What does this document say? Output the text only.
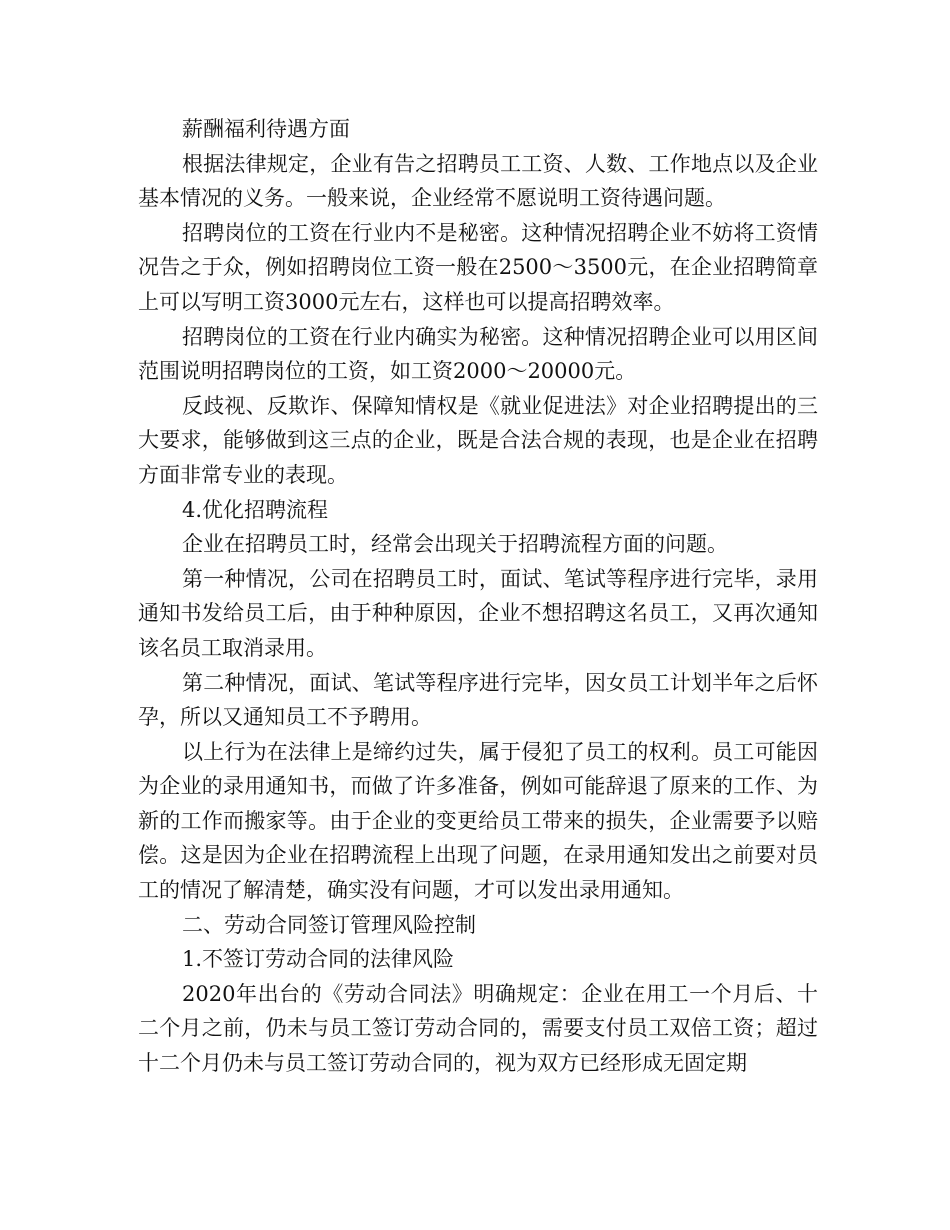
薪酬福利待遇方面

根据法律规定，企业有告之招聘员工工资、人数、工作地点以及企业基本情况的义务。一般来说，企业经常不愿说明工资待遇问题。

招聘岗位的工资在行业内不是秘密。这种情况招聘企业不妨将工资情况告之于众，例如招聘岗位工资一般在2500～3500元，在企业招聘简章上可以写明工资3000元左右，这样也可以提高招聘效率。

招聘岗位的工资在行业内确实为秘密。这种情况招聘企业可以用区间范围说明招聘岗位的工资，如工资2000～20000元。

反歧视、反欺诈、保障知情权是《就业促进法》对企业招聘提出的三大要求，能够做到这三点的企业，既是合法合规的表现，也是企业在招聘方面非常专业的表现。

4.优化招聘流程

企业在招聘员工时，经常会出现关于招聘流程方面的问题。

第一种情况，公司在招聘员工时，面试、笔试等程序进行完毕，录用通知书发给员工后，由于种种原因，企业不想招聘这名员工，又再次通知该名员工取消录用。

第二种情况，面试、笔试等程序进行完毕，因女员工计划半年之后怀孕，所以又通知员工不予聘用。

以上行为在法律上是缔约过失，属于侵犯了员工的权利。员工可能因为企业的录用通知书，而做了许多准备，例如可能辞退了原来的工作、为新的工作而搬家等。由于企业的变更给员工带来的损失，企业需要予以赔偿。这是因为企业在招聘流程上出现了问题，在录用通知发出之前要对员工的情况了解清楚，确实没有问题，才可以发出录用通知。

二、劳动合同签订管理风险控制

1.不签订劳动合同的法律风险

2020年出台的《劳动合同法》明确规定：企业在用工一个月后、十二个月之前，仍未与员工签订劳动合同的，需要支付员工双倍工资；超过十二个月仍未与员工签订劳动合同的，视为双方已经形成无固定期
